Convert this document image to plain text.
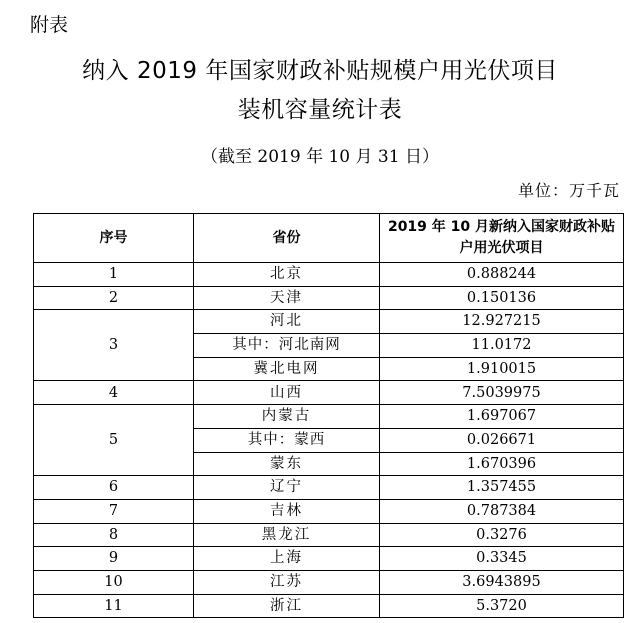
附表
纳入 2019 年国家财政补贴规模户用光伏项目
装机容量统计表
（截至 2019 年 10 月 31 日）
单位：万千瓦
序号	省份	2019 年 10 月新纳入国家财政补贴户用光伏项目
1	北京	0.888244
2	天津	0.150136
3	河北	12.927215
	其中：河北南网	11.0172
	冀北电网	1.910015
4	山西	7.5039975
5	内蒙古	1.697067
	其中：蒙西	0.026671
	蒙东	1.670396
6	辽宁	1.357455
7	吉林	0.787384
8	黑龙江	0.3276
9	上海	0.3345
10	江苏	3.6943895
11	浙江	5.3720
